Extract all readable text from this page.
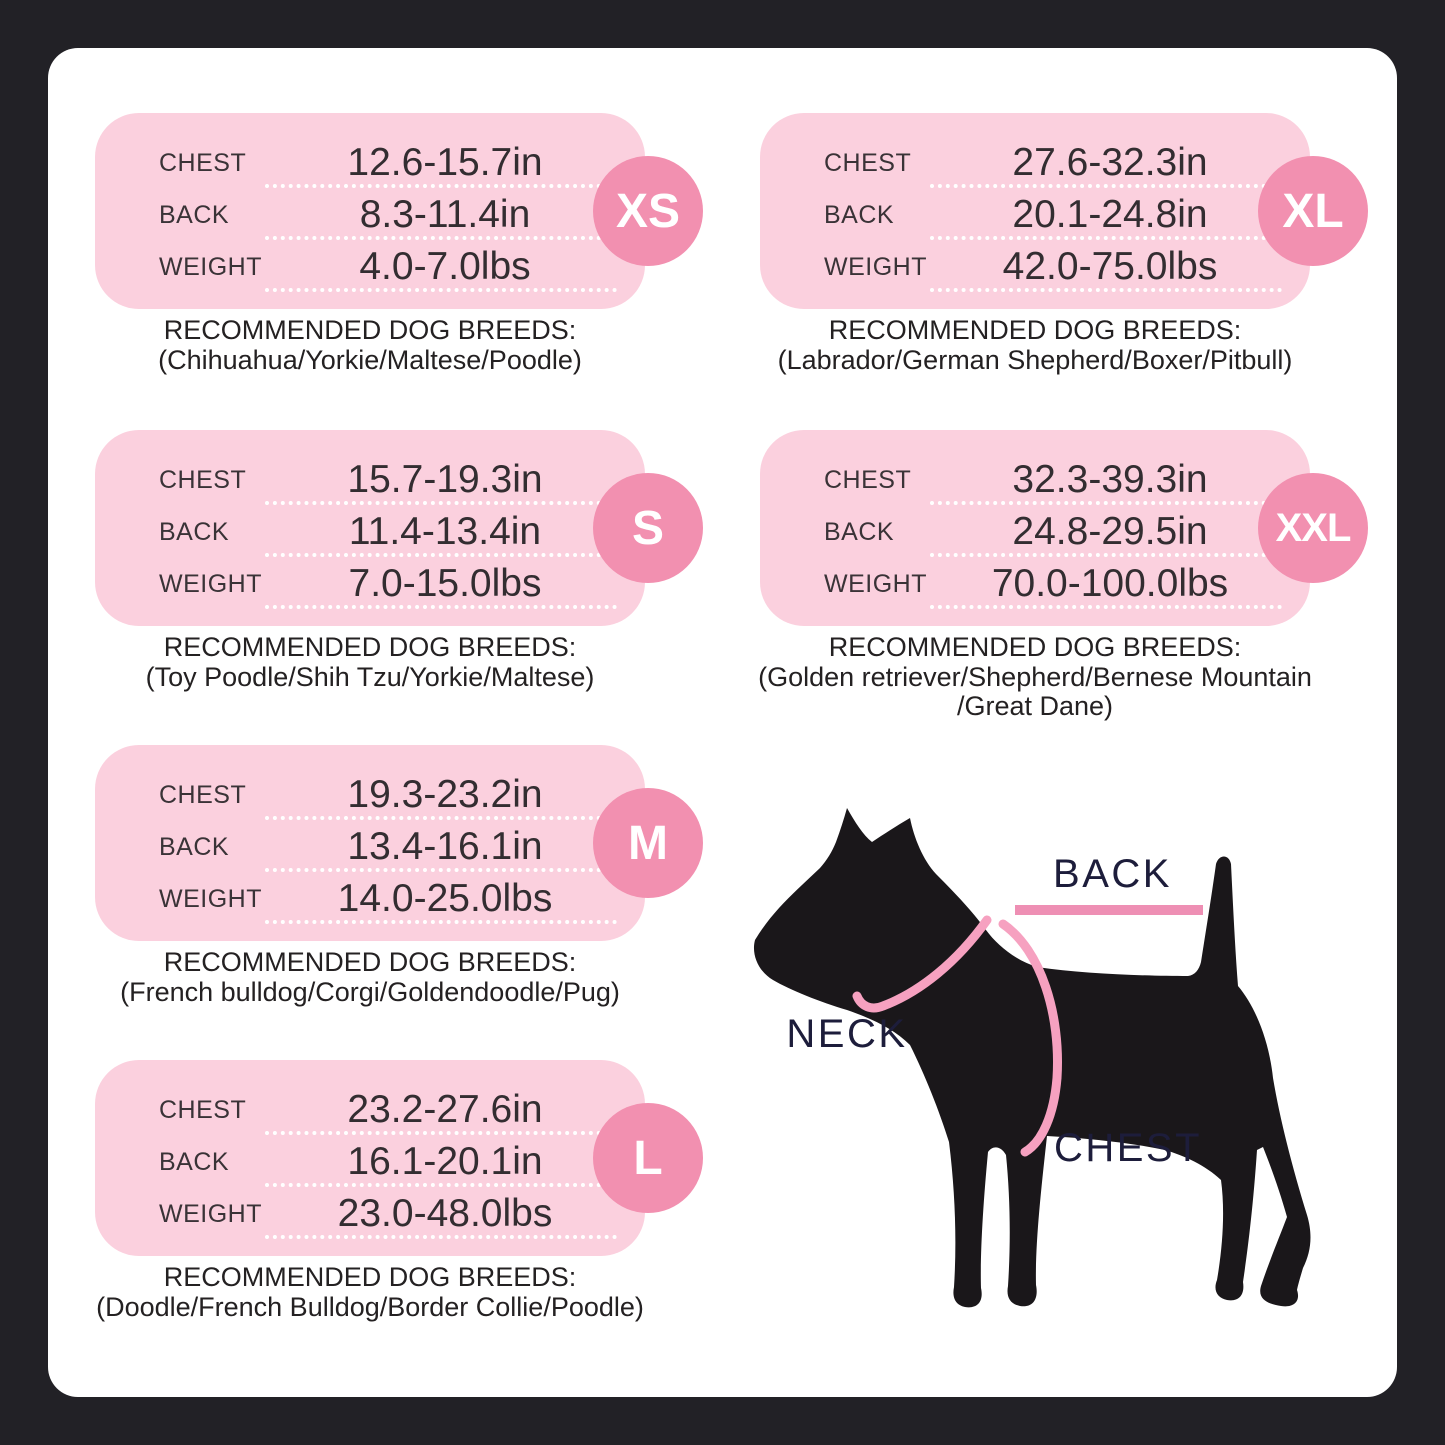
CHEST	12.6-15.7in
BACK	8.3-11.4in
WEIGHT	4.0-7.0lbs
XS
RECOMMENDED DOG BREEDS:
(Chihuahua/Yorkie/Maltese/Poodle)
CHEST	15.7-19.3in
BACK	11.4-13.4in
WEIGHT	7.0-15.0lbs
S
RECOMMENDED DOG BREEDS:
(Toy Poodle/Shih Tzu/Yorkie/Maltese)
CHEST	19.3-23.2in
BACK	13.4-16.1in
WEIGHT	14.0-25.0lbs
M
RECOMMENDED DOG BREEDS:
(French bulldog/Corgi/Goldendoodle/Pug)
CHEST	23.2-27.6in
BACK	16.1-20.1in
WEIGHT	23.0-48.0lbs
L
RECOMMENDED DOG BREEDS:
(Doodle/French Bulldog/Border Collie/Poodle)
CHEST	27.6-32.3in
BACK	20.1-24.8in
WEIGHT	42.0-75.0lbs
XL
RECOMMENDED DOG BREEDS:
(Labrador/German Shepherd/Boxer/Pitbull)
CHEST	32.3-39.3in
BACK	24.8-29.5in
WEIGHT	70.0-100.0lbs
XXL
RECOMMENDED DOG BREEDS:
(Golden retriever/Shepherd/Bernese Mountain /Great Dane)
BACK
NECK
CHEST
